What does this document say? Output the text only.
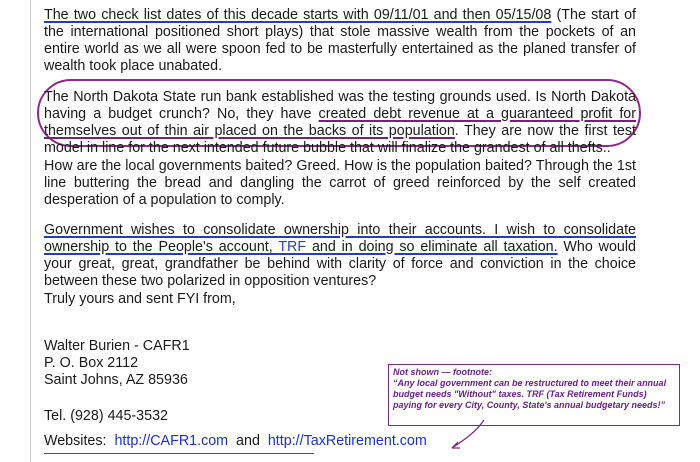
The two check list dates of this decade starts with 09/11/01 and then 05/15/08 (The start of the international positioned short plays) that stole massive wealth from the pockets of an entire world as we all were spoon fed to be masterfully entertained as the planed transfer of wealth took place unabated.

The North Dakota State run bank established was the testing grounds used. Is North Dakota having a budget crunch? No, they have created debt revenue at a guaranteed profit for themselves out of thin air placed on the backs of its population. They are now the first test model in line for the next intended future bubble that will finalize the grandest of all thefts..

How are the local governments baited? Greed. How is the population baited? Through the 1st line buttering the bread and dangling the carrot of greed reinforced by the self created desperation of a population to comply.

Government wishes to consolidate ownership into their accounts. I wish to consolidate ownership to the People's account, TRF and in doing so eliminate all taxation. Who would your great, great, grandfather be behind with clarity of force and conviction in the choice between these two polarized in opposition ventures?

Truly yours and sent FYI from,

Walter Burien - CAFR1

P. O. Box 2112

Saint Johns, AZ 85936

Tel. (928) 445-3532

Websites: http://CAFR1.com and http://TaxRetirement.com

Not shown — footnote:
“Any local government can be restructured to meet their annual budget needs "Without" taxes. TRF (Tax Retirement Funds) paying for every City, County, State's annual budgetary needs!”
